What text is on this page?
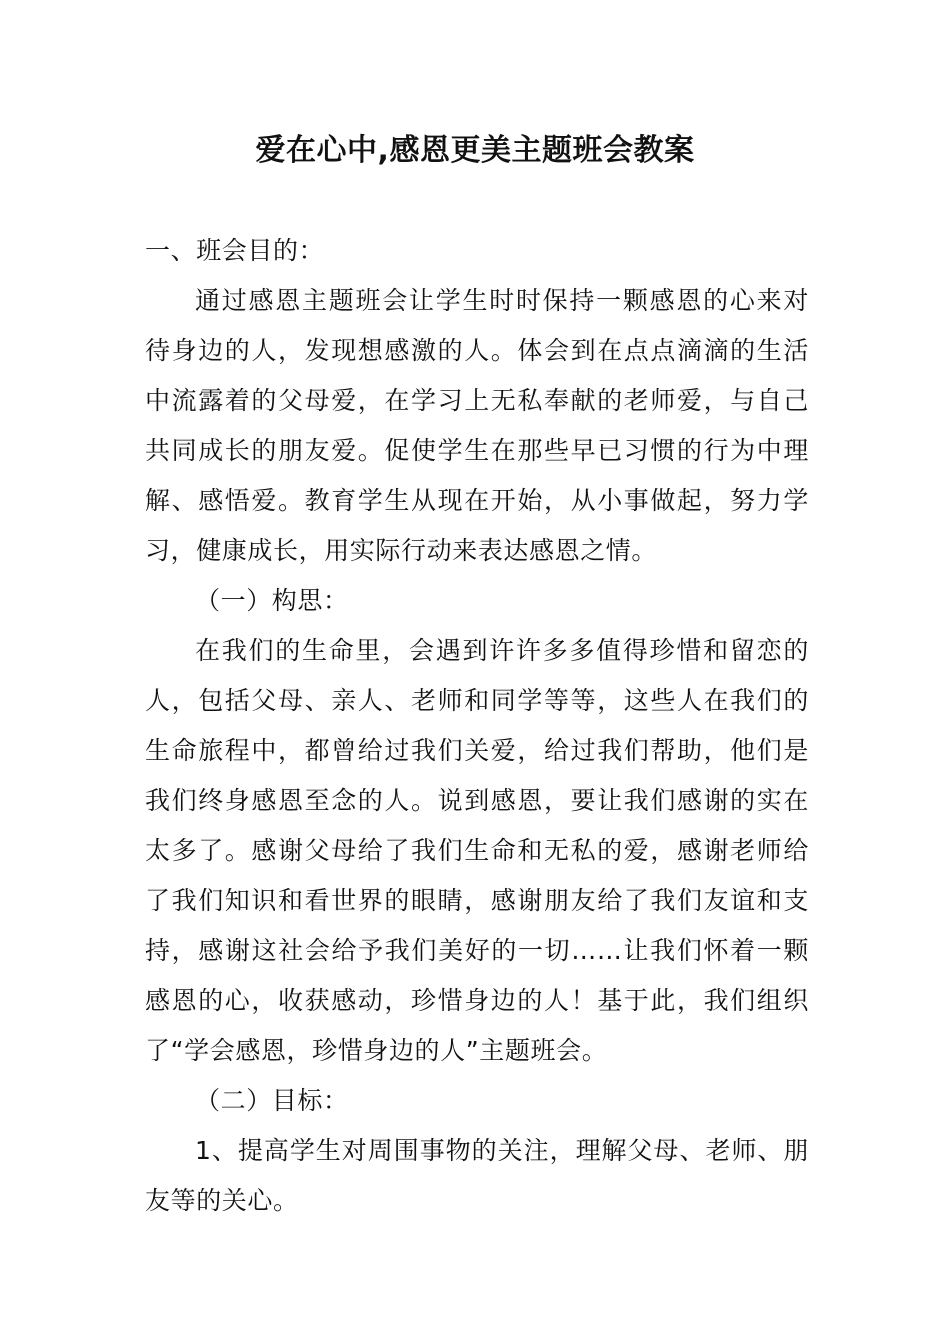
爱在心中,感恩更美主题班会教案

一、班会目的：

通过感恩主题班会让学生时时保持一颗感恩的心来对待身边的人，发现想感激的人。体会到在点点滴滴的生活中流露着的父母爱，在学习上无私奉献的老师爱，与自己共同成长的朋友爱。促使学生在那些早已习惯的行为中理解、感悟爱。教育学生从现在开始，从小事做起，努力学习，健康成长，用实际行动来表达感恩之情。

（一）构思：

在我们的生命里，会遇到许许多多值得珍惜和留恋的人，包括父母、亲人、老师和同学等等，这些人在我们的生命旅程中，都曾给过我们关爱，给过我们帮助，他们是我们终身感恩至念的人。说到感恩，要让我们感谢的实在太多了。感谢父母给了我们生命和无私的爱，感谢老师给了我们知识和看世界的眼睛，感谢朋友给了我们友谊和支持，感谢这社会给予我们美好的一切……让我们怀着一颗感恩的心，收获感动，珍惜身边的人！基于此，我们组织了“学会感恩，珍惜身边的人”主题班会。

（二）目标：

1、提高学生对周围事物的关注，理解父母、老师、朋友等的关心。
